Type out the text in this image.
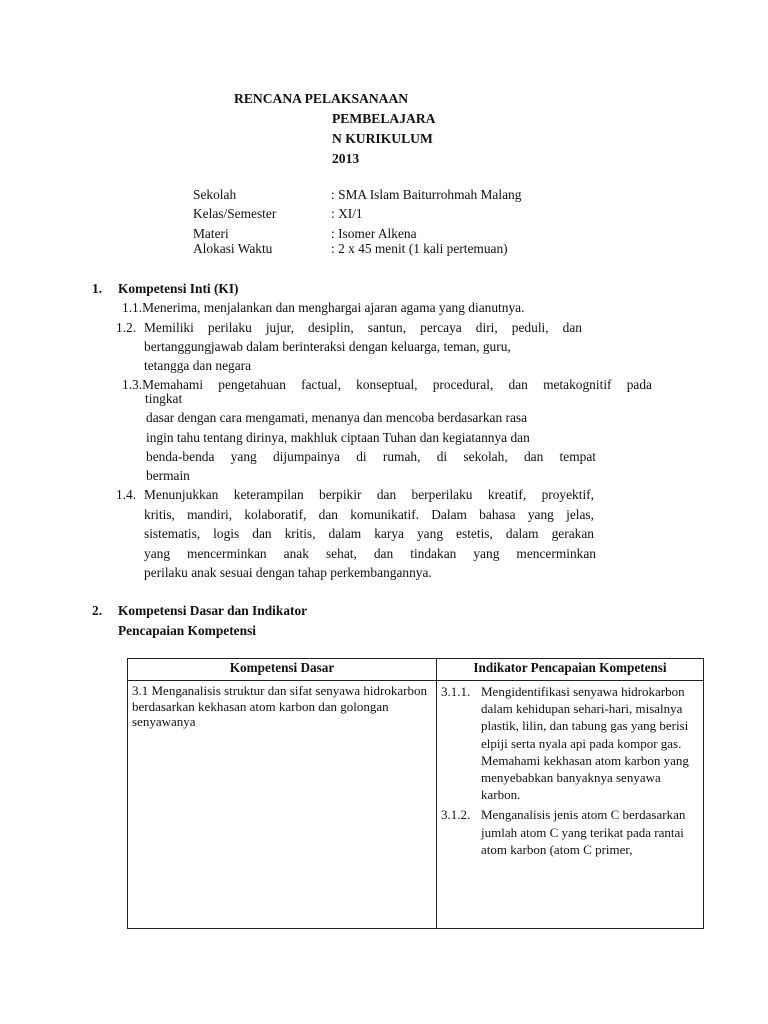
RENCANA PELAKSANAAN
PEMBELAJARA
N KURIKULUM
2013
Sekolah	: SMA Islam Baiturrohmah Malang
Kelas/Semester	: XI/1
Materi	: Isomer Alkena
Alokasi Waktu	: 2 x 45 menit (1 kali pertemuan)
1. Kompetensi Inti (KI)
1.1.Menerima, menjalankan dan menghargai ajaran agama yang dianutnya.
1.2. Memiliki perilaku jujur, desiplin, santun, percaya diri, peduli, dan
bertanggungjawab dalam berinteraksi dengan keluarga, teman, guru,
tetangga dan negara
1.3.Memahami pengetahuan factual, konseptual, procedural, dan metakognitif pada
tingkat
dasar dengan cara mengamati, menanya dan mencoba berdasarkan rasa
ingin tahu tentang dirinya, makhluk ciptaan Tuhan dan kegiatannya dan
benda-benda yang dijumpainya di rumah, di sekolah, dan tempat
bermain
1.4. Menunjukkan keterampilan berpikir dan berperilaku kreatif, proyektif,
kritis, mandiri, kolaboratif, dan komunikatif. Dalam bahasa yang jelas,
sistematis, logis dan kritis, dalam karya yang estetis, dalam gerakan
yang mencerminkan anak sehat, dan tindakan yang mencerminkan
perilaku anak sesuai dengan tahap perkembangannya.
2. Kompetensi Dasar dan Indikator
Pencapaian Kompetensi
Kompetensi Dasar	Indikator Pencapaian Kompetensi

3.1 Menganalisis struktur dan sifat senyawa hidrokarbon berdasarkan kekhasan atom karbon dan golongan senyawanya	3.1.1. Mengidentifikasi senyawa hidrokarbon dalam kehidupan sehari-hari, misalnya plastik, lilin, dan tabung gas yang berisi elpiji serta nyala api pada kompor gas. Memahami kekhasan atom karbon yang menyebabkan banyaknya senyawa karbon.
3.1.2. Menganalisis jenis atom C berdasarkan jumlah atom C yang terikat pada rantai atom karbon (atom C primer,
